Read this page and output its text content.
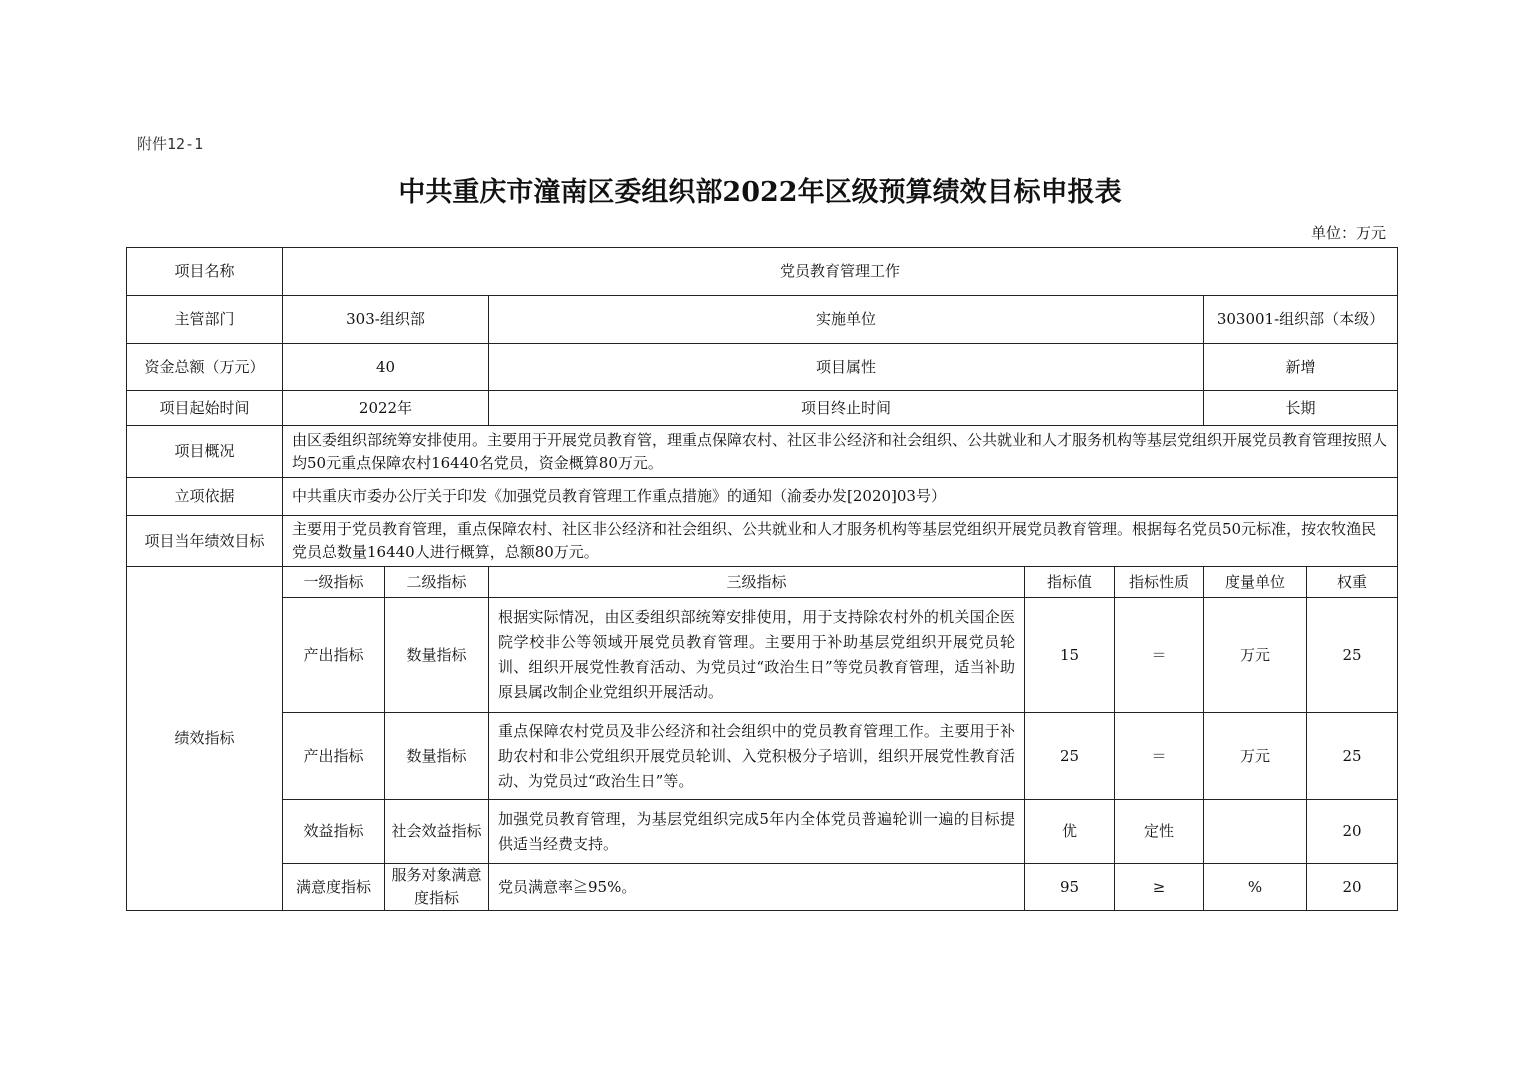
附件12-1
中共重庆市潼南区委组织部2022年区级预算绩效目标申报表
单位：万元
项目名称	党员教育管理工作						
主管部门	303-组织部		实施单位			303001-组织部（本级）	
资金总额（万元）	40		项目属性			新增	
项目起始时间	2022年		项目终止时间			长期	
项目概况	由区委组织部统筹安排使用。主要用于开展党员教育管，理重点保障农村、社区非公经济和社会组织、公共就业和人才服务机构等基层党组织开展党员教育管理按照人均50元重点保障农村16440名党员，资金概算80万元。						
立项依据	中共重庆市委办公厅关于印发《加强党员教育管理工作重点措施》的通知（渝委办发[2020]03号）						
项目当年绩效目标	主要用于党员教育管理，重点保障农村、社区非公经济和社会组织、公共就业和人才服务机构等基层党组织开展党员教育管理。根据每名党员50元标准，按农牧渔民党员总数量16440人进行概算，总额80万元。						
绩效指标	一级指标	二级指标	三级指标	指标值	指标性质	度量单位	权重
	产出指标	数量指标	根据实际情况，由区委组织部统筹安排使用，用于支持除农村外的机关国企医院学校非公等领域开展党员教育管理。主要用于补助基层党组织开展党员轮训、组织开展党性教育活动、为党员过“政治生日”等党员教育管理，适当补助原县属改制企业党组织开展活动。	15	＝	万元	25
	产出指标	数量指标	重点保障农村党员及非公经济和社会组织中的党员教育管理工作。主要用于补助农村和非公党组织开展党员轮训、入党积极分子培训，组织开展党性教育活动、为党员过“政治生日”等。	25	＝	万元	25
	效益指标	社会效益指标	加强党员教育管理，为基层党组织完成5年内全体党员普遍轮训一遍的目标提供适当经费支持。	优	定性		20
	满意度指标	服务对象满意度指标	党员满意率≧95%。	95	≥	%	20
